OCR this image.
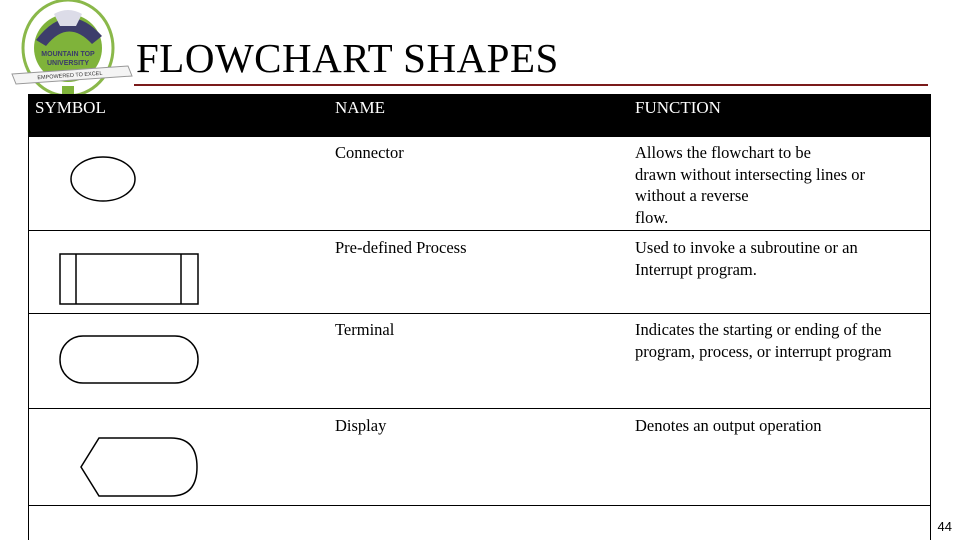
MOUNTAIN TOP
UNIVERSITY
EMPOWERED TO EXCEL FLOWCHART SHAPES
SYMBOL	NAME	FUNCTION
Connector	Allows the flowchart to be
drawn without intersecting lines or
without a reverse
flow.
Pre-defined Process	Used to invoke a subroutine or an
Interrupt program.
Terminal	Indicates the starting or ending of the
program, process, or interrupt program
Display	Denotes an output operation
44
